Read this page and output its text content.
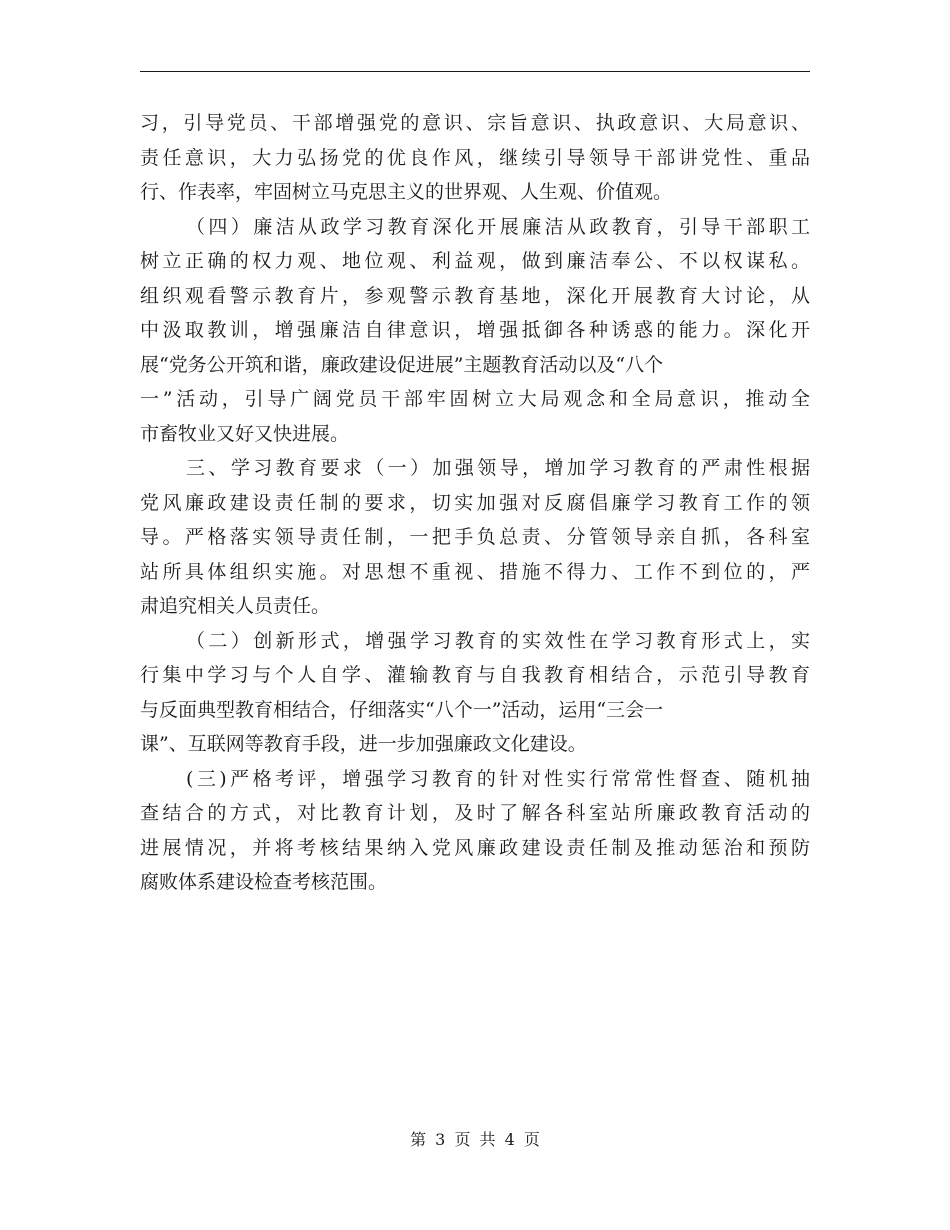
习，引导党员、干部增强党的意识、宗旨意识、执政意识、大局意识、
责任意识，大力弘扬党的优良作风，继续引导领导干部讲党性、重品
行、作表率，牢固树立马克思主义的世界观、人生观、价值观。
（四）廉洁从政学习教育深化开展廉洁从政教育，引导干部职工
树立正确的权力观、地位观、利益观，做到廉洁奉公、不以权谋私。
组织观看警示教育片，参观警示教育基地，深化开展教育大讨论，从
中汲取教训，增强廉洁自律意识，增强抵御各种诱惑的能力。深化开
展“党务公开筑和谐，廉政建设促进展”主题教育活动以及“八个
一”活动，引导广阔党员干部牢固树立大局观念和全局意识，推动全
市畜牧业又好又快进展。
三、学习教育要求（一）加强领导，增加学习教育的严肃性根据
党风廉政建设责任制的要求，切实加强对反腐倡廉学习教育工作的领
导。严格落实领导责任制，一把手负总责、分管领导亲自抓，各科室
站所具体组织实施。对思想不重视、措施不得力、工作不到位的，严
肃追究相关人员责任。
（二）创新形式，增强学习教育的实效性在学习教育形式上，实
行集中学习与个人自学、灌输教育与自我教育相结合，示范引导教育
与反面典型教育相结合，仔细落实“八个一”活动，运用“三会一
课”、互联网等教育手段，进一步加强廉政文化建设。
(三)严格考评，增强学习教育的针对性实行常常性督查、随机抽
查结合的方式，对比教育计划，及时了解各科室站所廉政教育活动的
进展情况，并将考核结果纳入党风廉政建设责任制及推动惩治和预防
腐败体系建设检查考核范围。
第 3 页 共 4 页
